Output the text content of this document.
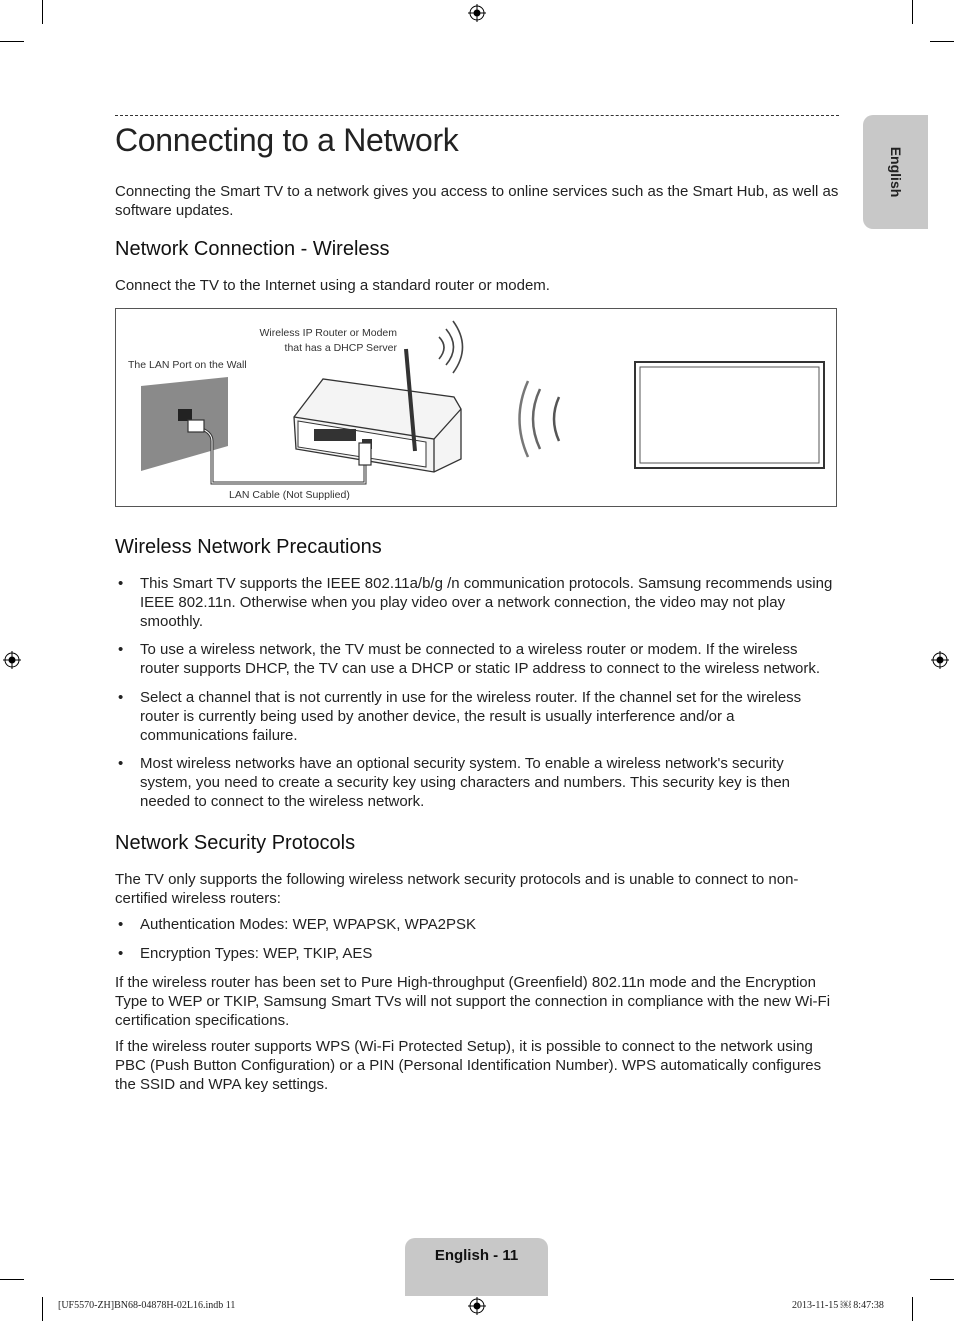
English
Connecting to a Network

Connecting the Smart TV to a network gives you access to online services such as the Smart Hub, as well as software updates.

Network Connection - Wireless

Connect the TV to the Internet using a standard router or modem.

Wireless IP Router or Modem
that has a DHCP Server
The LAN Port on the Wall
LAN Cable (Not Supplied)
Wireless Network Precautions
• This Smart TV supports the IEEE 802.11a/b/g /n communication protocols. Samsung recommends using IEEE 802.11n. Otherwise when you play video over a network connection, the video may not play smoothly.
• To use a wireless network, the TV must be connected to a wireless router or modem. If the wireless router supports DHCP, the TV can use a DHCP or static IP address to connect to the wireless network.
• Select a channel that is not currently in use for the wireless router. If the channel set for the wireless router is currently being used by another device, the result is usually interference and/or a communications failure.
• Most wireless networks have an optional security system. To enable a wireless network's security system, you need to create a security key using characters and numbers. This security key is then needed to connect to the wireless network.
Network Security Protocols

The TV only supports the following wireless network security protocols and is unable to connect to non-certified wireless routers:

• Authentication Modes: WEP, WPAPSK, WPA2PSK
• Encryption Types: WEP, TKIP, AES

If the wireless router has been set to Pure High-throughput (Greenfield) 802.11n mode and the Encryption Type to WEP or TKIP, Samsung Smart TVs will not support the connection in compliance with the new Wi-Fi certification specifications.

If the wireless router supports WPS (Wi-Fi Protected Setup), it is possible to connect to the network using PBC (Push Button Configuration) or a PIN (Personal Identification Number). WPS automatically configures the SSID and WPA key settings.

English - 11
[UF5570-ZH]BN68-04878H-02L16.indb 11	2013-11-15 ￼ 8:47:38
